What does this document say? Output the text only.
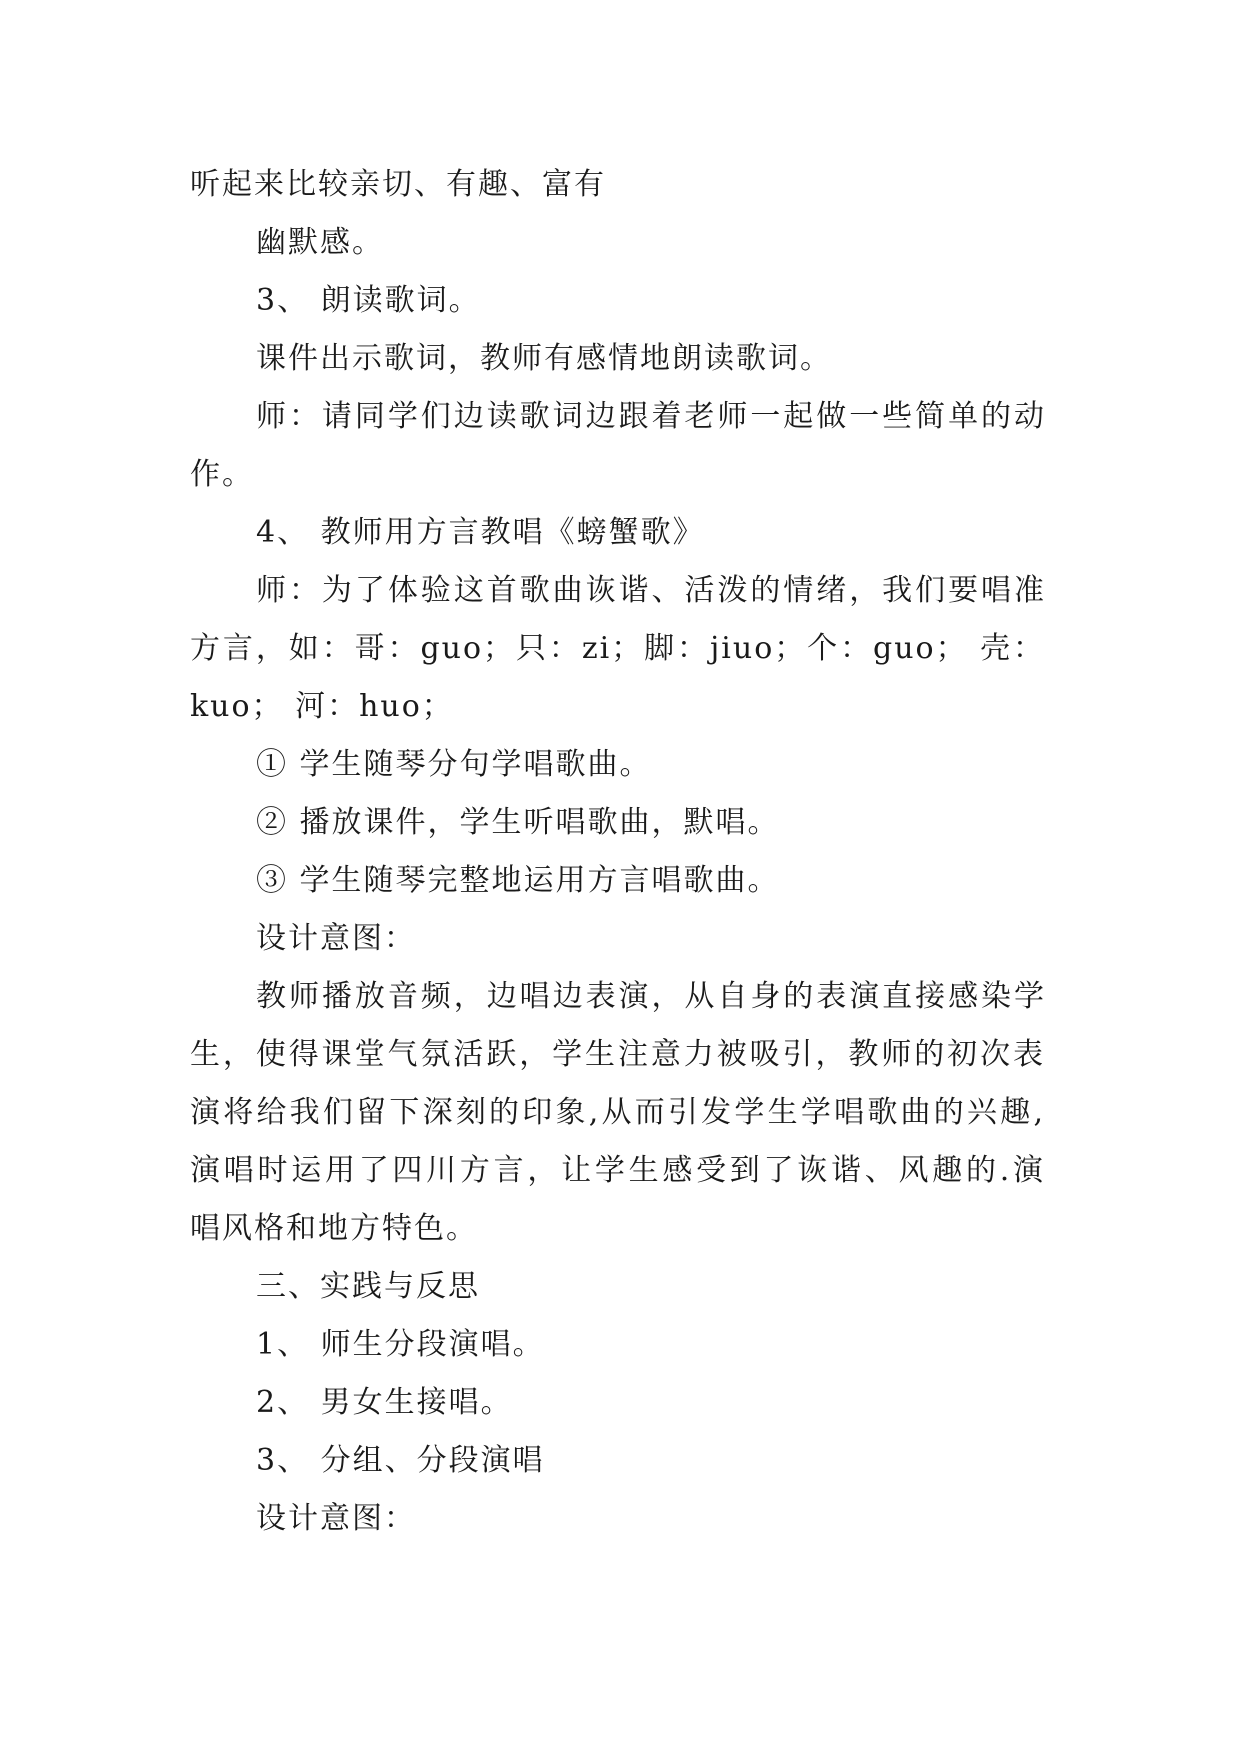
听起来比较亲切、有趣、富有
幽默感。
3、 朗读歌词。
课件出示歌词，教师有感情地朗读歌词。
师：请同学们边读歌词边跟着老师一起做一些简单的动
作。
4、 教师用方言教唱《螃蟹歌》
师：为了体验这首歌曲诙谐、活泼的情绪，我们要唱准
方言，如：哥：guo；只：zi；脚：jiuo；个：guo； 壳：
kuo； 河：huo；
① 学生随琴分句学唱歌曲。
② 播放课件，学生听唱歌曲，默唱。
③ 学生随琴完整地运用方言唱歌曲。
设计意图：
教师播放音频，边唱边表演，从自身的表演直接感染学
生，使得课堂气氛活跃，学生注意力被吸引，教师的初次表
演将给我们留下深刻的印象,从而引发学生学唱歌曲的兴趣,
演唱时运用了四川方言，让学生感受到了诙谐、风趣的.演
唱风格和地方特色。
三、实践与反思
1、 师生分段演唱。
2、 男女生接唱。
3、 分组、分段演唱
设计意图：
